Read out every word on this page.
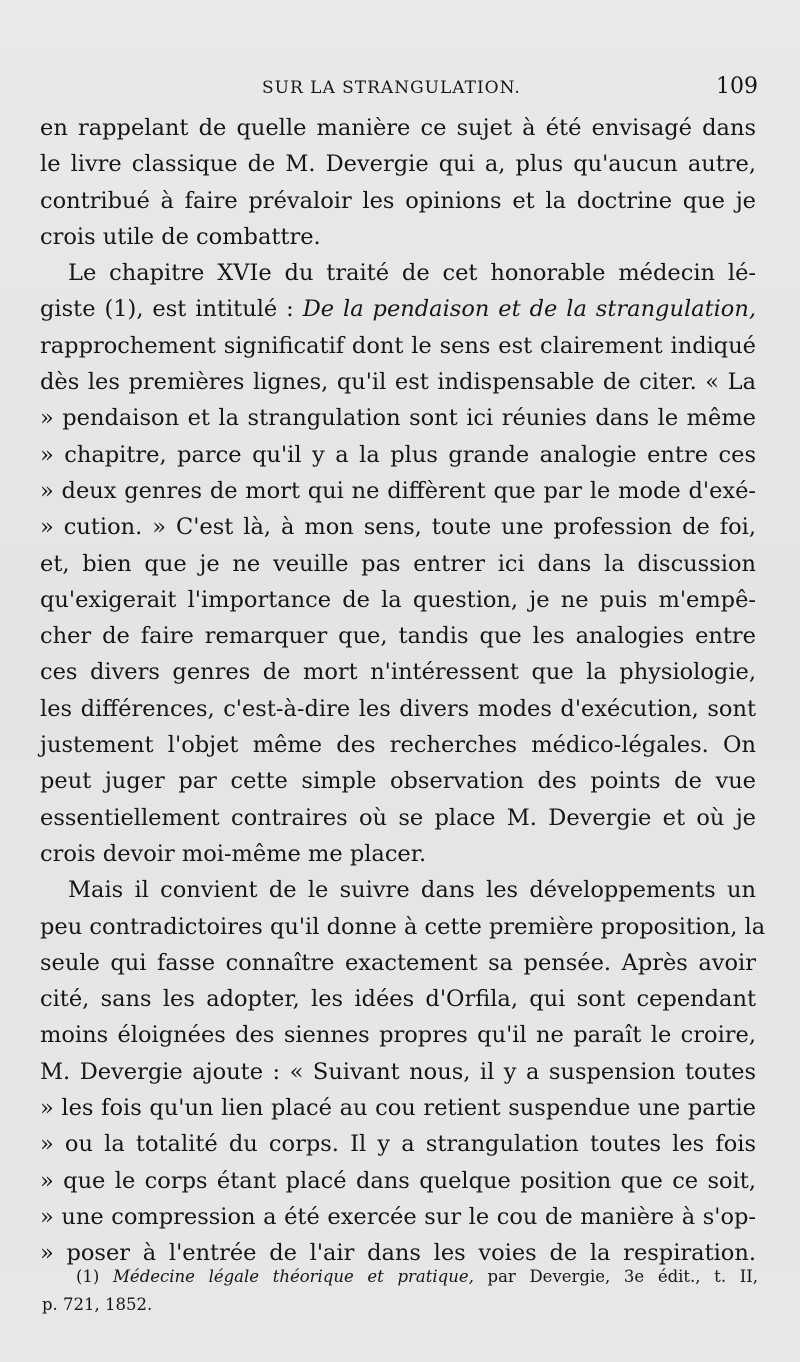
SUR LA STRANGULATION.	109
en rappelant de quelle manière ce sujet à été envisagé dans
le livre classique de M. Devergie qui a, plus qu'aucun autre,
contribué à faire prévaloir les opinions et la doctrine que je
crois utile de combattre.
Le chapitre XVIe du traité de cet honorable médecin lé-
giste (1), est intitulé : De la pendaison et de la strangulation,
rapprochement significatif dont le sens est clairement indiqué
dès les premières lignes, qu'il est indispensable de citer. « La
» pendaison et la strangulation sont ici réunies dans le même
» chapitre, parce qu'il y a la plus grande analogie entre ces
» deux genres de mort qui ne diffèrent que par le mode d'exé-
» cution. » C'est là, à mon sens, toute une profession de foi,
et, bien que je ne veuille pas entrer ici dans la discussion
qu'exigerait l'importance de la question, je ne puis m'empê-
cher de faire remarquer que, tandis que les analogies entre
ces divers genres de mort n'intéressent que la physiologie,
les différences, c'est-à-dire les divers modes d'exécution, sont
justement l'objet même des recherches médico-légales. On
peut juger par cette simple observation des points de vue
essentiellement contraires où se place M. Devergie et où je
crois devoir moi-même me placer.
Mais il convient de le suivre dans les développements un
peu contradictoires qu'il donne à cette première proposition, la
seule qui fasse connaître exactement sa pensée. Après avoir
cité, sans les adopter, les idées d'Orfila, qui sont cependant
moins éloignées des siennes propres qu'il ne paraît le croire,
M. Devergie ajoute : « Suivant nous, il y a suspension toutes
» les fois qu'un lien placé au cou retient suspendue une partie
» ou la totalité du corps. Il y a strangulation toutes les fois
» que le corps étant placé dans quelque position que ce soit,
» une compression a été exercée sur le cou de manière à s'op-
» poser à l'entrée de l'air dans les voies de la respiration.
(1) Médecine légale théorique et pratique, par Devergie, 3e édit., t. II,
p. 721, 1852.
